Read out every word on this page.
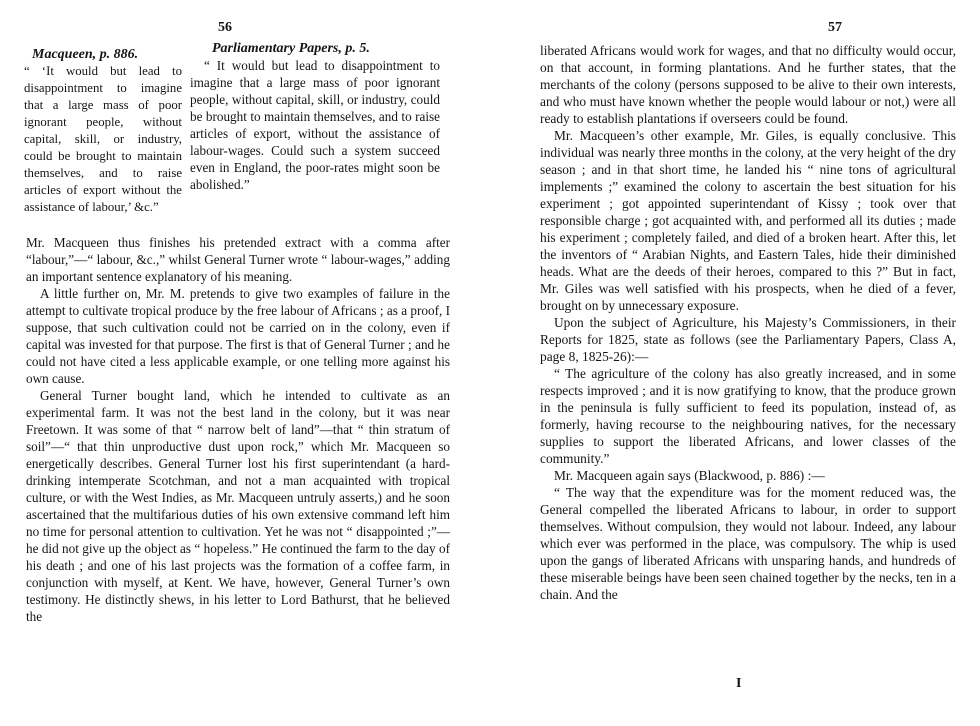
56
Macqueen, p. 886.

“ ‘It would but lead to disappointment to imagine that a large mass of poor ignorant people, without capital, skill, or industry, could be brought to maintain themselves, and to raise articles of export without the assistance of labour,’ &c.”

Parliamentary Papers, p. 5.

“ It would but lead to disappointment to imagine that a large mass of poor ignorant people, without capital, skill, or industry, could be brought to maintain themselves, and to raise articles of export, without the assistance of labour-wages. Could such a system succeed even in England, the poor-rates might soon be abolished.”

Mr. Macqueen thus finishes his pretended extract with a comma after “labour,”—“ labour, &c.,” whilst General Turner wrote “ labour-wages,” adding an important sentence explanatory of his meaning.

A little further on, Mr. M. pretends to give two examples of failure in the attempt to cultivate tropical produce by the free labour of Africans ; as a proof, I suppose, that such cultivation could not be carried on in the colony, even if capital was invested for that purpose. The first is that of General Turner ; and he could not have cited a less applicable example, or one telling more against his own cause.

General Turner bought land, which he intended to cultivate as an experimental farm. It was not the best land in the colony, but it was near Freetown. It was some of that “ narrow belt of land”—that “ thin stratum of soil”—“ that thin unproductive dust upon rock,” which Mr. Macqueen so energetically describes. General Turner lost his first superintendant (a hard-drinking intemperate Scotchman, and not a man acquainted with tropical culture, or with the West Indies, as Mr. Macqueen untruly asserts,) and he soon ascertained that the multifarious duties of his own extensive command left him no time for personal attention to cultivation. Yet he was not “ disappointed ;”—he did not give up the object as “ hopeless.” He continued the farm to the day of his death ; and one of his last projects was the formation of a coffee farm, in conjunction with myself, at Kent. We have, however, General Turner’s own testimony. He distinctly shews, in his letter to Lord Bathurst, that he believed the

57

liberated Africans would work for wages, and that no difficulty would occur, on that account, in forming plantations. And he further states, that the merchants of the colony (persons supposed to be alive to their own interests, and who must have known whether the people would labour or not,) were all ready to establish plantations if overseers could be found.

Mr. Macqueen’s other example, Mr. Giles, is equally conclusive. This individual was nearly three months in the colony, at the very height of the dry season ; and in that short time, he landed his “ nine tons of agricultural implements ;” examined the colony to ascertain the best situation for his experiment ; got appointed superintendant of Kissy ; took over that responsible charge ; got acquainted with, and performed all its duties ; made his experiment ; completely failed, and died of a broken heart. After this, let the inventors of “ Arabian Nights, and Eastern Tales, hide their diminished heads. What are the deeds of their heroes, compared to this ?” But in fact, Mr. Giles was well satisfied with his prospects, when he died of a fever, brought on by unnecessary exposure.

Upon the subject of Agriculture, his Majesty’s Commissioners, in their Reports for 1825, state as follows (see the Parliamentary Papers, Class A, page 8, 1825-26):—

“ The agriculture of the colony has also greatly increased, and in some respects improved ; and it is now gratifying to know, that the produce grown in the peninsula is fully sufficient to feed its population, instead of, as formerly, having recourse to the neighbouring natives, for the necessary supplies to support the liberated Africans, and lower classes of the community.”

Mr. Macqueen again says (Blackwood, p. 886) :—

“ The way that the expenditure was for the moment reduced was, the General compelled the liberated Africans to labour, in order to support themselves. Without compulsion, they would not labour. Indeed, any labour which ever was performed in the place, was compulsory. The whip is used upon the gangs of liberated Africans with unsparing hands, and hundreds of these miserable beings have been seen chained together by the necks, ten in a chain. And the

I
